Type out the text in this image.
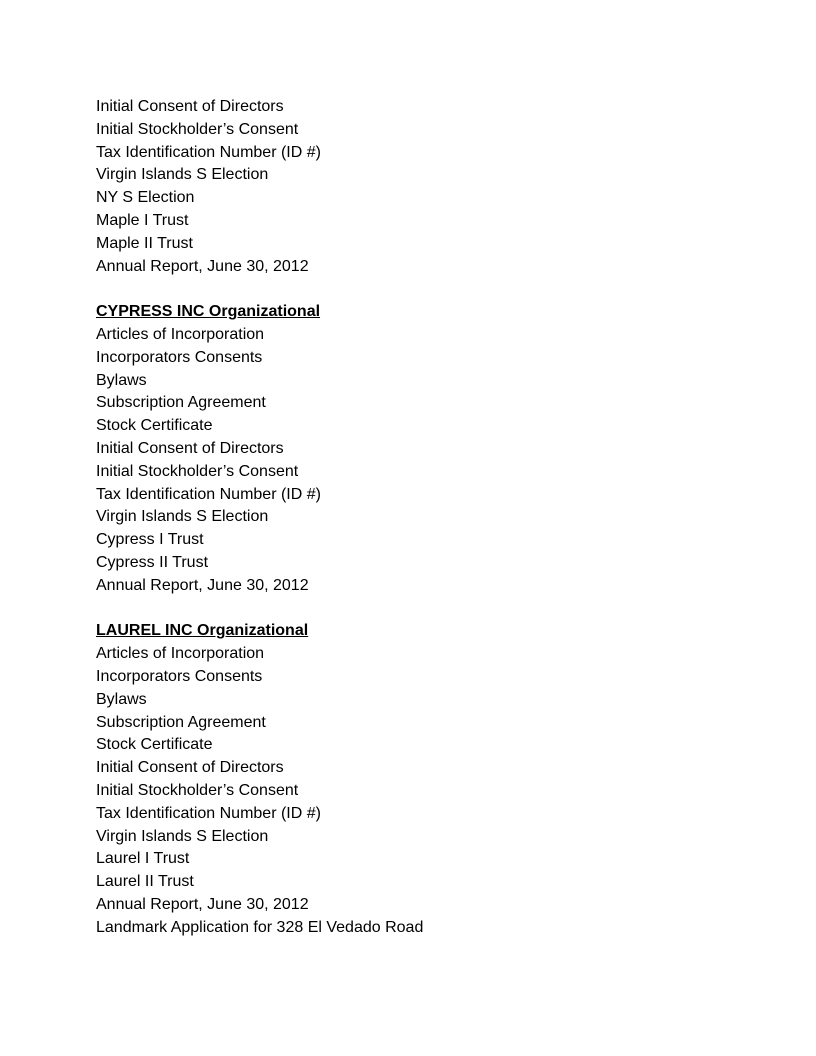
Initial Consent of Directors
Initial Stockholder’s Consent
Tax Identification Number (ID #)
Virgin Islands S Election
NY S Election
Maple I Trust
Maple II Trust
Annual Report, June 30, 2012
CYPRESS INC Organizational
Articles of Incorporation
Incorporators Consents
Bylaws
Subscription Agreement
Stock Certificate
Initial Consent of Directors
Initial Stockholder’s Consent
Tax Identification Number (ID #)
Virgin Islands S Election
Cypress I Trust
Cypress II Trust
Annual Report, June 30, 2012
LAUREL INC Organizational
Articles of Incorporation
Incorporators Consents
Bylaws
Subscription Agreement
Stock Certificate
Initial Consent of Directors
Initial Stockholder’s Consent
Tax Identification Number (ID #)
Virgin Islands S Election
Laurel I Trust
Laurel II Trust
Annual Report, June 30, 2012
Landmark Application for 328 El Vedado Road
